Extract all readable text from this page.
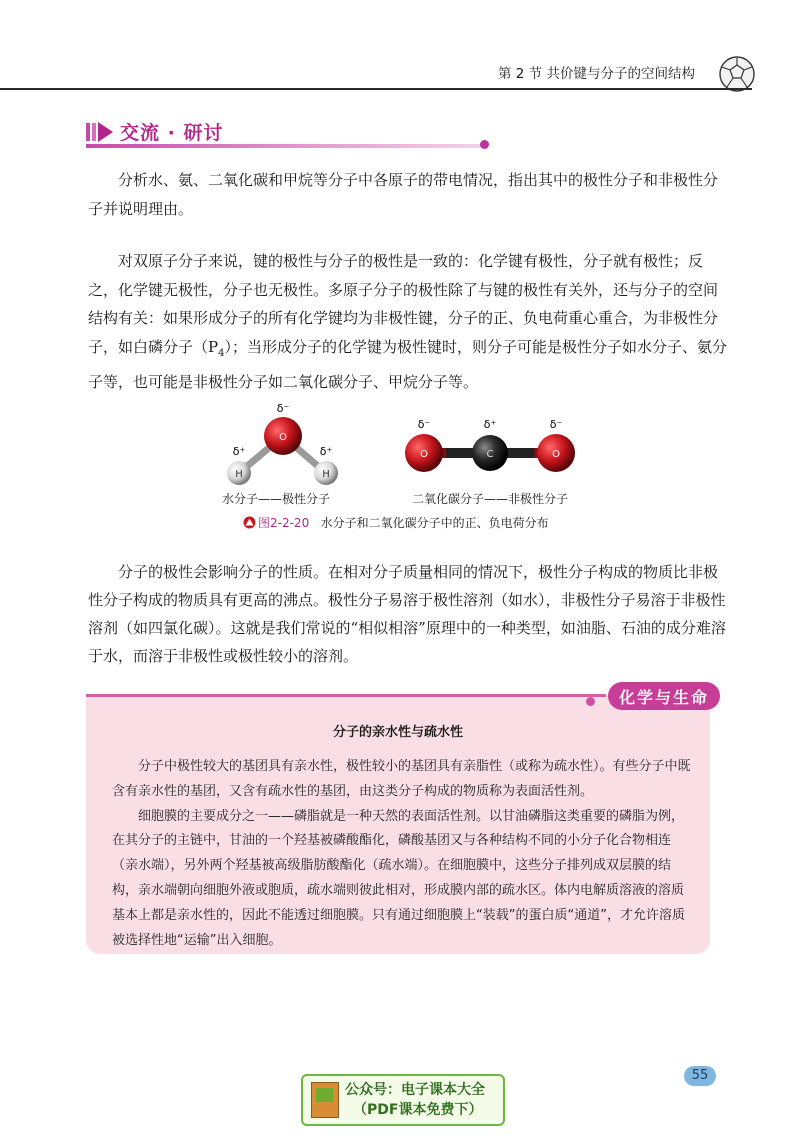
第 2 节 共价键与分子的空间结构
交流 · 研讨
分析水、氨、二氧化碳和甲烷等分子中各原子的带电情况，指出其中的极性分子和非极性分子并说明理由。
对双原子分子来说，键的极性与分子的极性是一致的：化学键有极性，分子就有极性；反之，化学键无极性，分子也无极性。多原子分子的极性除了与键的极性有关外，还与分子的空间结构有关：如果形成分子的所有化学键均为非极性键，分子的正、负电荷重心重合，为非极性分子，如白磷分子$(P_4)$；当形成分子的化学键为极性键时，则分子可能是极性分子如水分子、氨分子等，也可能是非极性分子如二氧化碳分子、甲烷分子等。
O
H	H
δ⁻
δ⁺	δ⁺	O	C	O
δ⁻	δ⁺	δ⁻
水分子——极性分子	二氧化碳分子——非极性分子
图2-2-20 水分子和二氧化碳分子中的正、负电荷分布
分子的极性会影响分子的性质。在相对分子质量相同的情况下，极性分子构成的物质比非极性分子构成的物质具有更高的沸点。极性分子易溶于极性溶剂（如水），非极性分子易溶于非极性溶剂（如四氯化碳）。这就是我们常说的“相似相溶”原理中的一种类型，如油脂、石油的成分难溶于水，而溶于非极性或极性较小的溶剂。
化学与生命
分子的亲水性与疏水性
分子中极性较大的基团具有亲水性，极性较小的基团具有亲脂性（或称为疏水性）。有些分子中既含有亲水性的基团，又含有疏水性的基团，由这类分子构成的物质称为表面活性剂。
细胞膜的主要成分之一——磷脂就是一种天然的表面活性剂。以甘油磷脂这类重要的磷脂为例，在其分子的主链中，甘油的一个羟基被磷酸酯化，磷酸基团又与各种结构不同的小分子化合物相连（亲水端），另外两个羟基被高级脂肪酸酯化（疏水端）。在细胞膜中，这些分子排列成双层膜的结构，亲水端朝向细胞外液或胞质，疏水端则彼此相对，形成膜内部的疏水区。体内电解质溶液的溶质基本上都是亲水性的，因此不能透过细胞膜。只有通过细胞膜上“装载”的蛋白质“通道”，才允许溶质被选择性地“运输”出入细胞。
55
公众号：电子课本大全
（PDF课本免费下）
